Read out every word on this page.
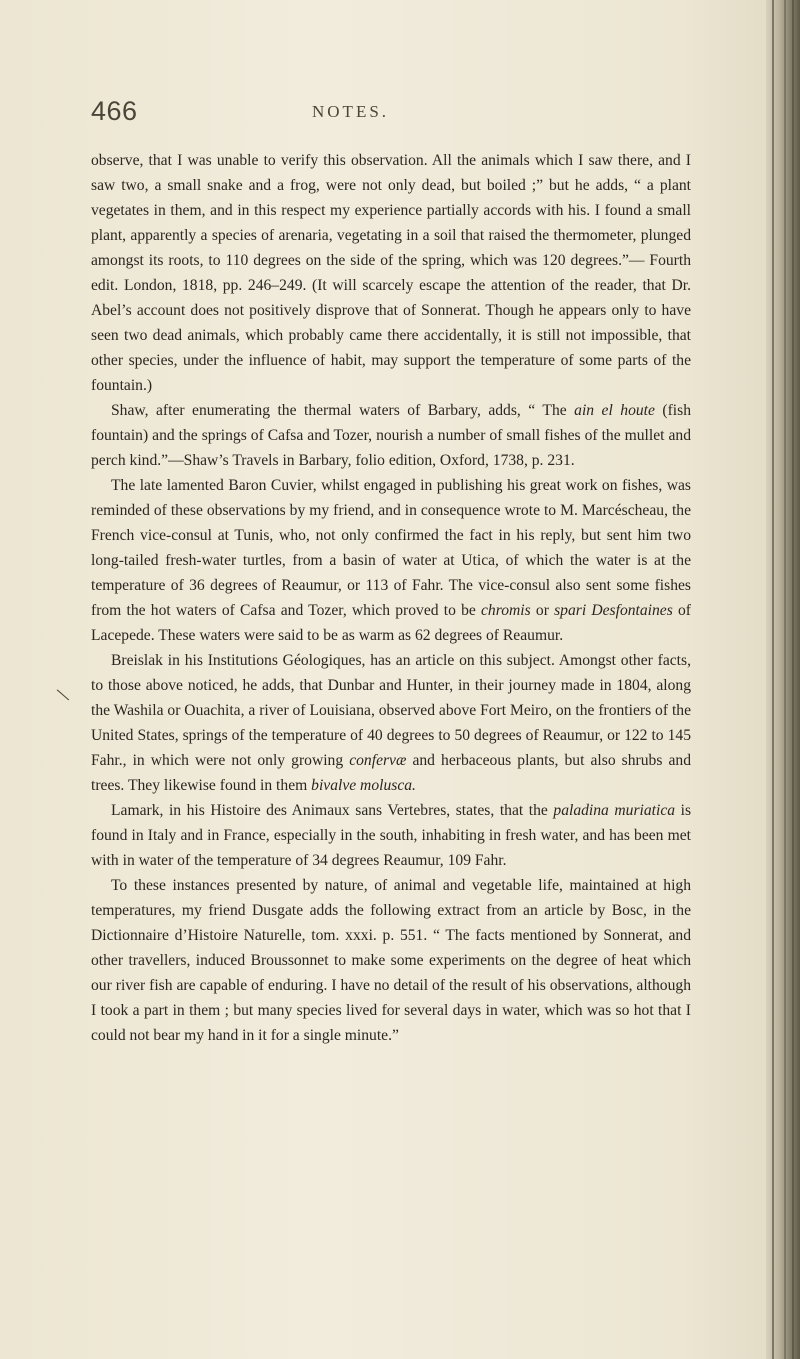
466	NOTES.
\

observe, that I was unable to verify this observation. All the animals which I saw there, and I saw two, a small snake and a frog, were not only dead, but boiled ;” but he adds, “ a plant vegetates in them, and in this respect my experience partially accords with his. I found a small plant, apparently a species of arenaria, vegetating in a soil that raised the thermometer, plunged amongst its roots, to 110 degrees on the side of the spring, which was 120 degrees.”— Fourth edit. London, 1818, pp. 246–249. (It will scarcely escape the attention of the reader, that Dr. Abel’s account does not positively disprove that of Sonnerat. Though he appears only to have seen two dead animals, which probably came there accidentally, it is still not impossible, that other species, under the influence of habit, may support the temperature of some parts of the fountain.)

Shaw, after enumerating the thermal waters of Barbary, adds, “ The ain el houte (fish fountain) and the springs of Cafsa and Tozer, nourish a number of small fishes of the mullet and perch kind.”—Shaw’s Travels in Barbary, folio edition, Oxford, 1738, p. 231.

The late lamented Baron Cuvier, whilst engaged in publishing his great work on fishes, was reminded of these observations by my friend, and in consequence wrote to M. Marcéscheau, the French vice-consul at Tunis, who, not only confirmed the fact in his reply, but sent him two long-tailed fresh-water turtles, from a basin of water at Utica, of which the water is at the temperature of 36 degrees of Reaumur, or 113 of Fahr. The vice-consul also sent some fishes from the hot waters of Cafsa and Tozer, which proved to be chromis or spari Desfontaines of Lacepede. These waters were said to be as warm as 62 degrees of Reaumur.

Breislak in his Institutions Géologiques, has an article on this subject. Amongst other facts, to those above noticed, he adds, that Dunbar and Hunter, in their journey made in 1804, along the Washila or Ouachita, a river of Louisiana, observed above Fort Meiro, on the frontiers of the United States, springs of the temperature of 40 degrees to 50 degrees of Reaumur, or 122 to 145 Fahr., in which were not only growing confervæ and herbaceous plants, but also shrubs and trees. They likewise found in them bivalve molusca.

Lamark, in his Histoire des Animaux sans Vertebres, states, that the paladina muriatica is found in Italy and in France, especially in the south, inhabiting in fresh water, and has been met with in water of the temperature of 34 degrees Reaumur, 109 Fahr.

To these instances presented by nature, of animal and vegetable life, maintained at high temperatures, my friend Dusgate adds the following extract from an article by Bosc, in the Dictionnaire d’Histoire Naturelle, tom. xxxi. p. 551. “ The facts mentioned by Sonnerat, and other travellers, induced Broussonnet to make some experiments on the degree of heat which our river fish are capable of enduring. I have no detail of the result of his observations, although I took a part in them ; but many species lived for several days in water, which was so hot that I could not bear my hand in it for a single minute.”
